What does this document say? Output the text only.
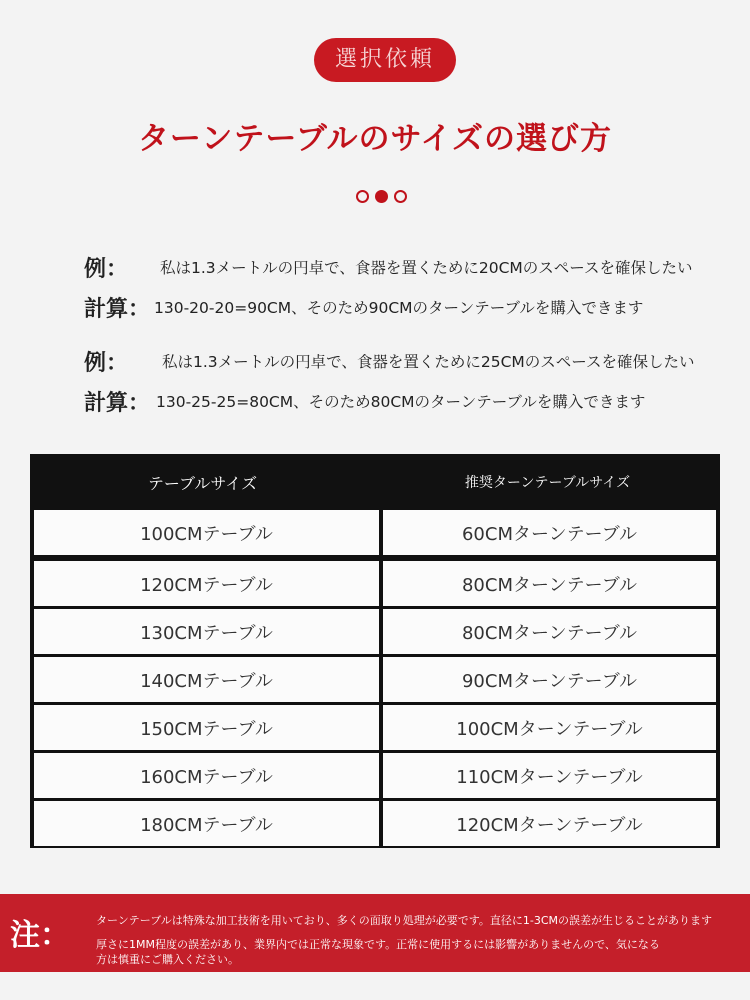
選択依頼
ターンテーブルのサイズの選び方
例：	私は1.3メートルの円卓で、食器を置くために20CMのスペースを確保したい
計算： 130-20-20=90CM、そのため90CMのターンテーブルを購入できます
例：	私は1.3メートルの円卓で、食器を置くために25CMのスペースを確保したい
計算： 130-25-25=80CM、そのため80CMのターンテーブルを購入できます
テーブルサイズ	推奨ターンテーブルサイズ
100CMテーブル	60CMターンテーブル
120CMテーブル	80CMターンテーブル
130CMテーブル	80CMターンテーブル
140CMテーブル	90CMターンテーブル
150CMテーブル	100CMターンテーブル
160CMテーブル	110CMターンテーブル
180CMテーブル	120CMターンテーブル
注： ターンテーブルは特殊な加工技術を用いており、多くの面取り処理が必要です。直径に1-3CMの誤差が生じることがあります
厚さに1MM程度の誤差があり、業界内では正常な現象です。正常に使用するには影響がありませんので、気になる
方は慎重にご購入ください。
